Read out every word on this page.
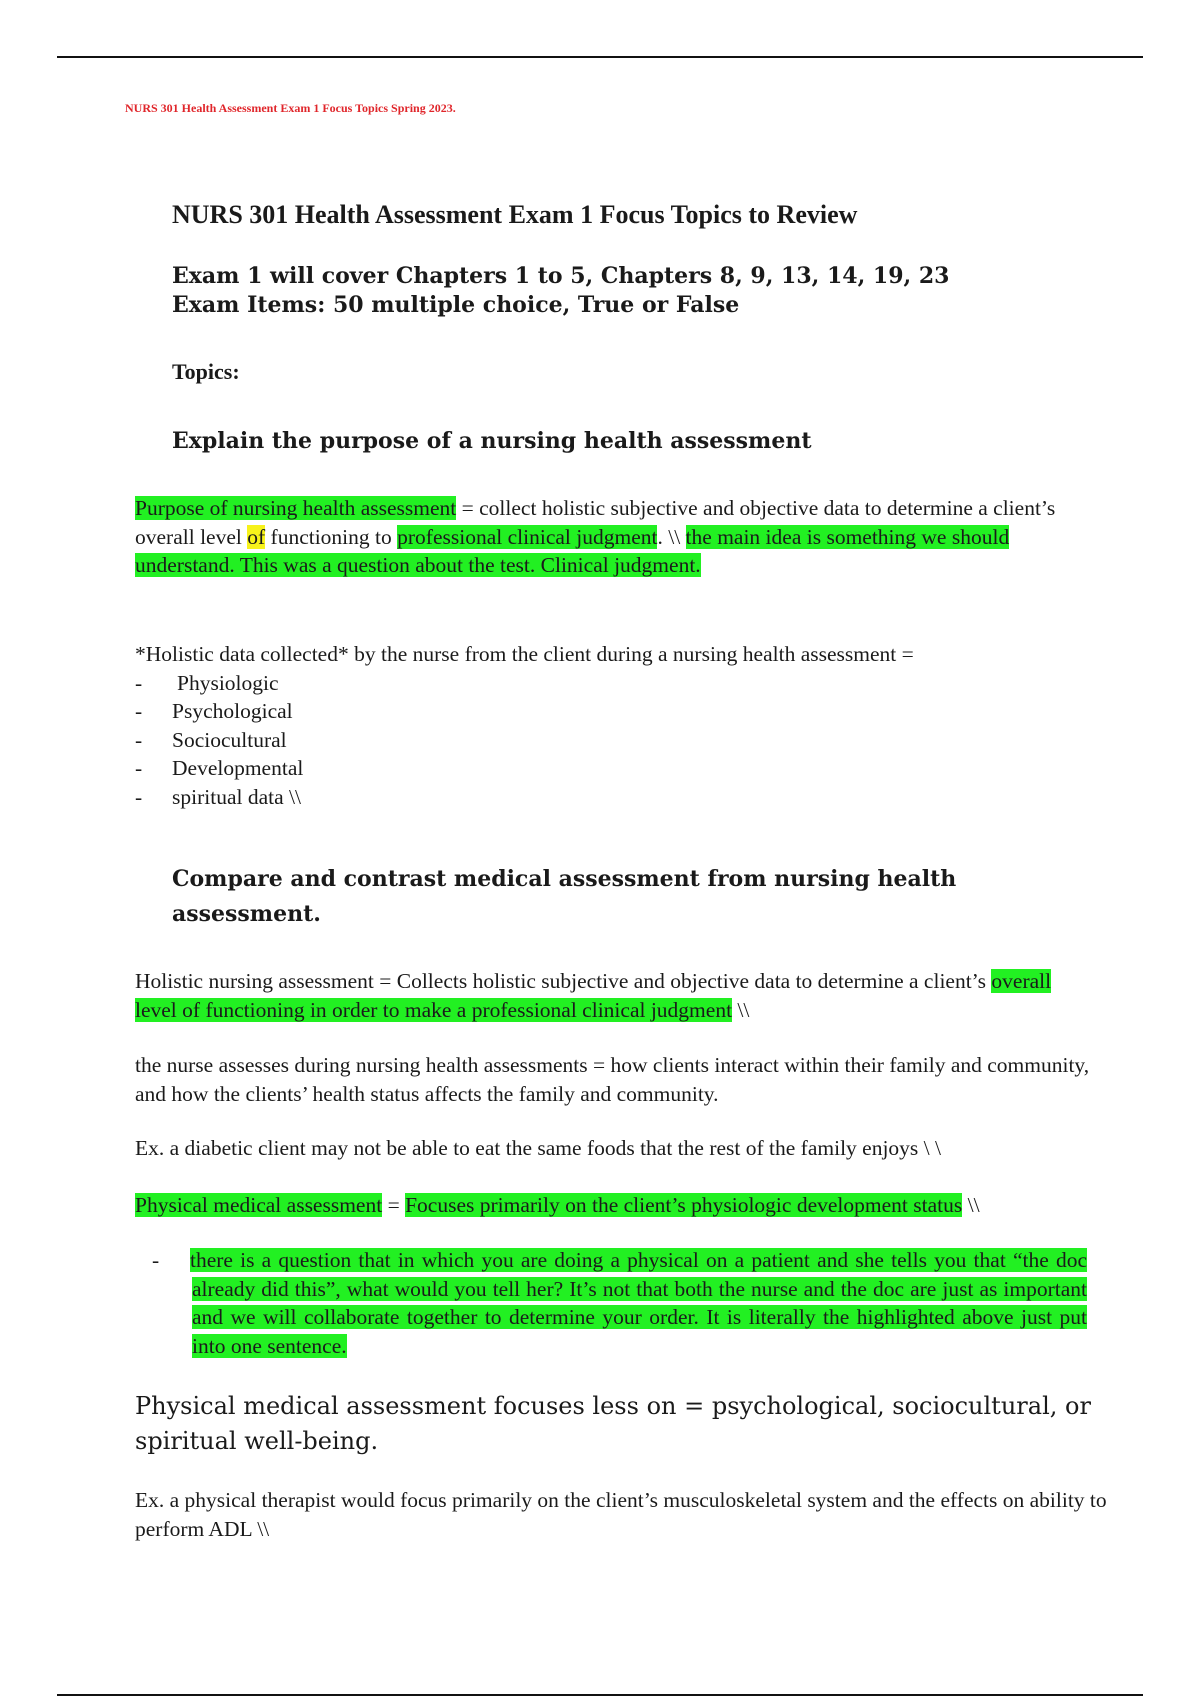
NURS 301 Health Assessment Exam 1 Focus Topics Spring 2023.
NURS 301 Health Assessment Exam 1 Focus Topics to Review
Exam 1 will cover Chapters 1 to 5, Chapters 8, 9, 13, 14, 19, 23
Exam Items: 50 multiple choice, True or False
Topics:
Explain the purpose of a nursing health assessment
Purpose of nursing health assessment = collect holistic subjective and objective data to determine a client’s overall level of functioning to professional clinical judgment. \\ the main idea is something we should understand. This was a question about the test. Clinical judgment.
*Holistic data collected* by the nurse from the client during a nursing health assessment =
- Physiologic
- Psychological
- Sociocultural
- Developmental
- spiritual data \\
Compare and contrast medical assessment from nursing health assessment.
Holistic nursing assessment = Collects holistic subjective and objective data to determine a client’s overall level of functioning in order to make a professional clinical judgment \\
the nurse assesses during nursing health assessments = how clients interact within their family and community, and how the clients’ health status affects the family and community.
Ex. a diabetic client may not be able to eat the same foods that the rest of the family enjoys \ \
Physical medical assessment = Focuses primarily on the client’s physiologic development status \\
- there is a question that in which you are doing a physical on a patient and she tells you that “the doc already did this”, what would you tell her? It’s not that both the nurse and the doc are just as important and we will collaborate together to determine your order. It is literally the highlighted above just put into one sentence.
Physical medical assessment focuses less on = psychological, sociocultural, or spiritual well-being.
Ex. a physical therapist would focus primarily on the client’s musculoskeletal system and the effects on ability to perform ADL \\
